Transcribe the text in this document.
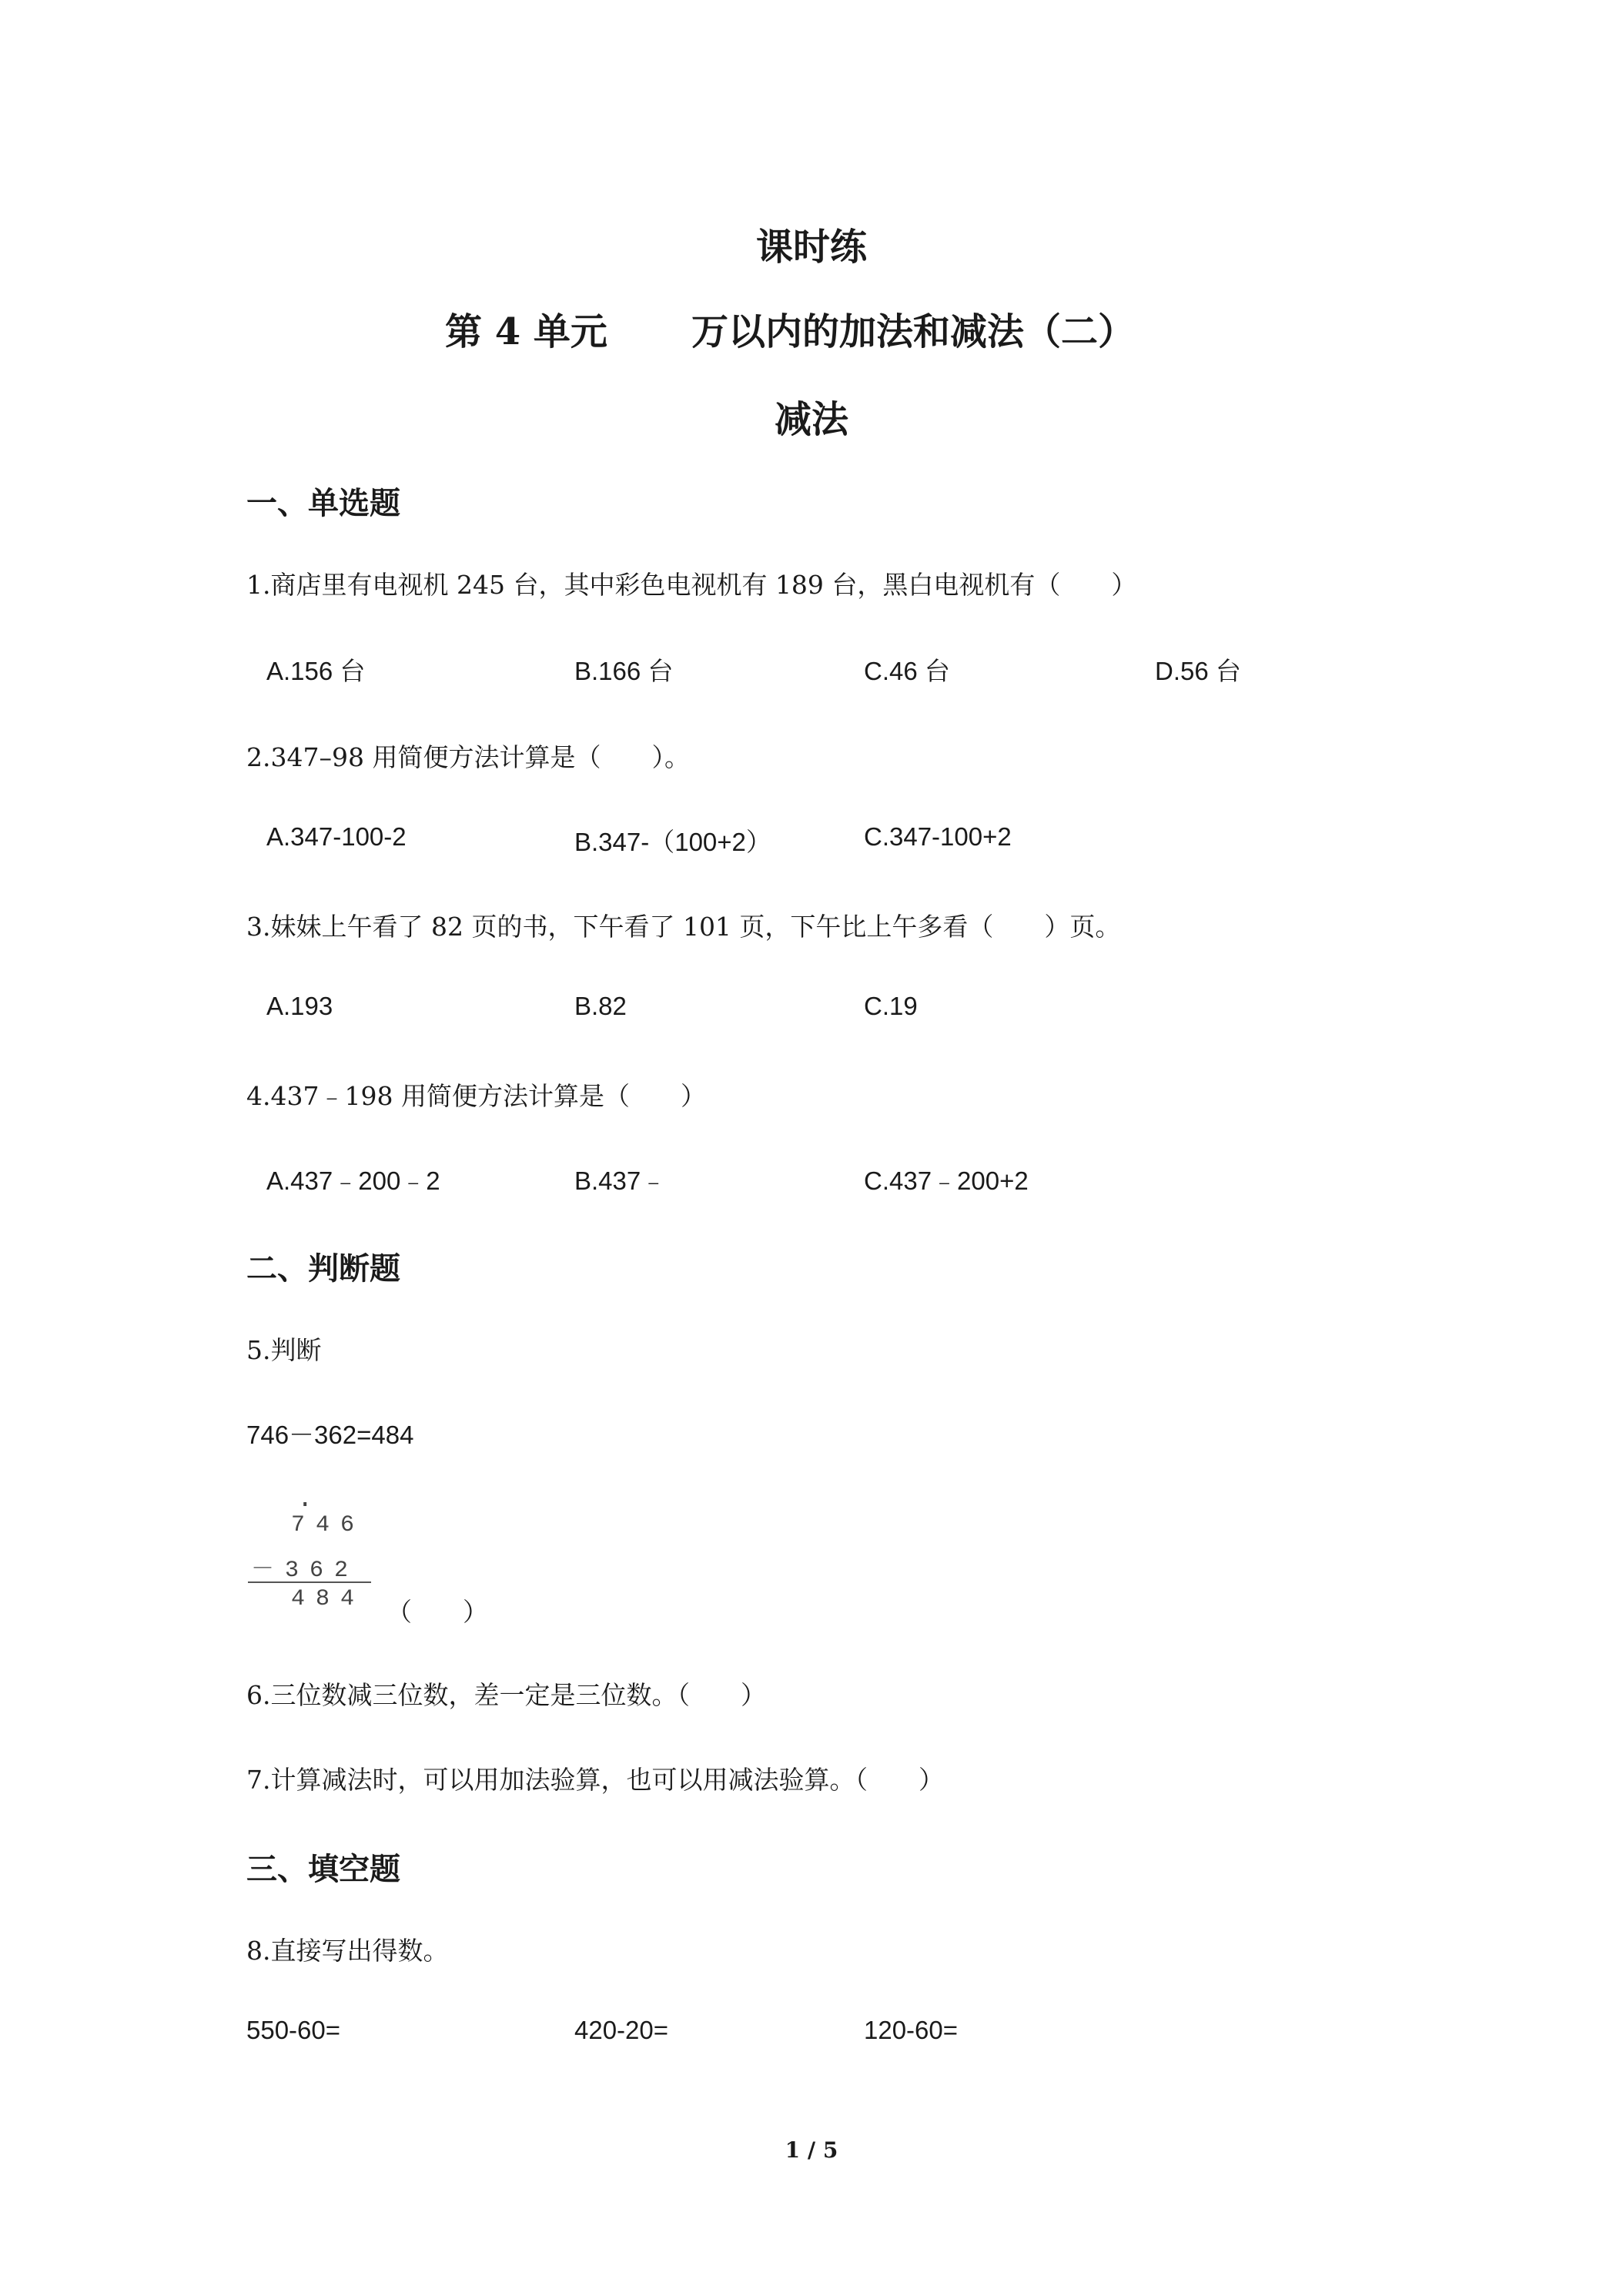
课时练
第 4 单元 万以内的加法和减法（二）
减法
一、单选题
1.商店里有电视机 245 台，其中彩色电视机有 189 台，黑白电视机有（　　）
A.156 台	B.166 台	C.46 台	D.56 台
2.347–98 用简便方法计算是（　　）。
A.347-100-2	B.347-（100+2）	C.347-100+2
3.妹妹上午看了 82 页的书，下午看了 101 页，下午比上午多看（　　）页。
A.193	B.82	C.19
4.437﹣198 用简便方法计算是（　　）
A.437﹣200﹣2	B.437﹣	C.437﹣200+2
二、判断题
5.判断
746－362=484
·
746
－362
484 （　　）
6.三位数减三位数，差一定是三位数。（　　）
7.计算减法时，可以用加法验算，也可以用减法验算。（　　）
三、填空题
8.直接写出得数。
550-60=	420-20=	120-60=
1 / 5
